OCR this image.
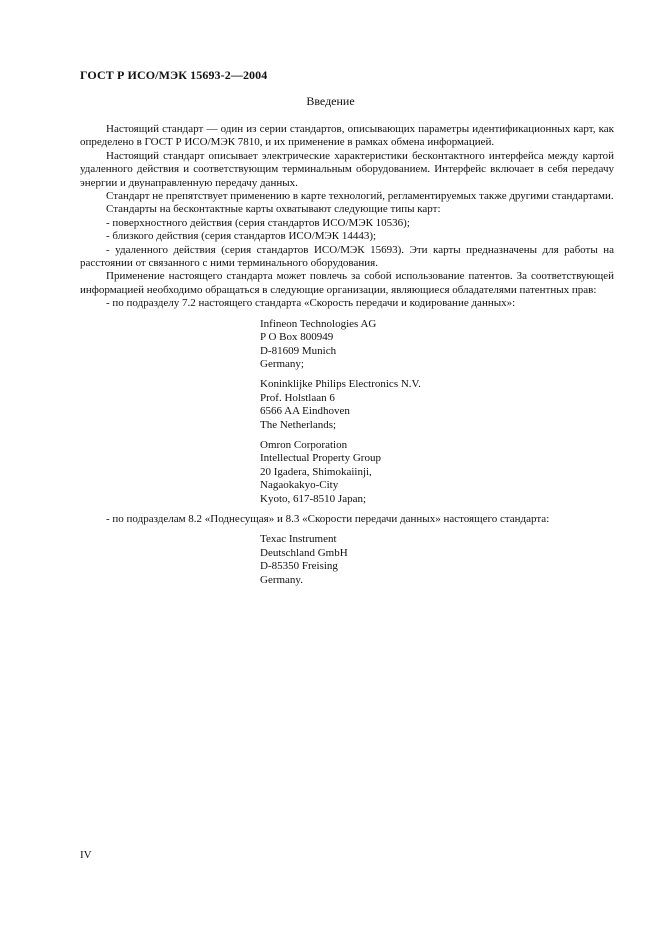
ГОСТ Р ИСО/МЭК 15693-2—2004
Введение

Настоящий стандарт — один из серии стандартов, описывающих параметры идентификационных карт, как определено в ГОСТ Р ИСО/МЭК 7810, и их применение в рамках обмена информацией.

Настоящий стандарт описывает электрические характеристики бесконтактного интерфейса между картой удаленного действия и соответствующим терминальным оборудованием. Интерфейс включает в себя передачу энергии и двунаправленную передачу данных.

Стандарт не препятствует применению в карте технологий, регламентируемых также другими стандартами.

Стандарты на бесконтактные карты охватывают следующие типы карт:

- поверхностного действия (серия стандартов ИСО/МЭК 10536);

- близкого действия (серия стандартов ИСО/МЭК 14443);

- удаленного действия (серия стандартов ИСО/МЭК 15693). Эти карты предназначены для работы на расстоянии от связанного с ними терминального оборудования.

Применение настоящего стандарта может повлечь за собой использование патентов. За соответствующей информацией необходимо обращаться в следующие организации, являющиеся обладателями патентных прав:

- по подразделу 7.2 настоящего стандарта «Скорость передачи и кодирование данных»:

Infineon Technologies AG

P O Box 800949

D-81609 Munich

Germany;

Koninklijke Philips Electronics N.V.

Prof. Holstlaan 6

6566 AA Eindhoven

The Netherlands;

Omron Corporation

Intellectual Property Group

20 Igadera, Shimokaiinji,

Nagaokakyo-City

Kyoto, 617-8510 Japan;

- по подразделам 8.2 «Поднесущая» и 8.3 «Скорости передачи данных» настоящего стандарта:

Texac Instrument

Deutschland GmbH

D-85350 Freising

Germany.

IV
